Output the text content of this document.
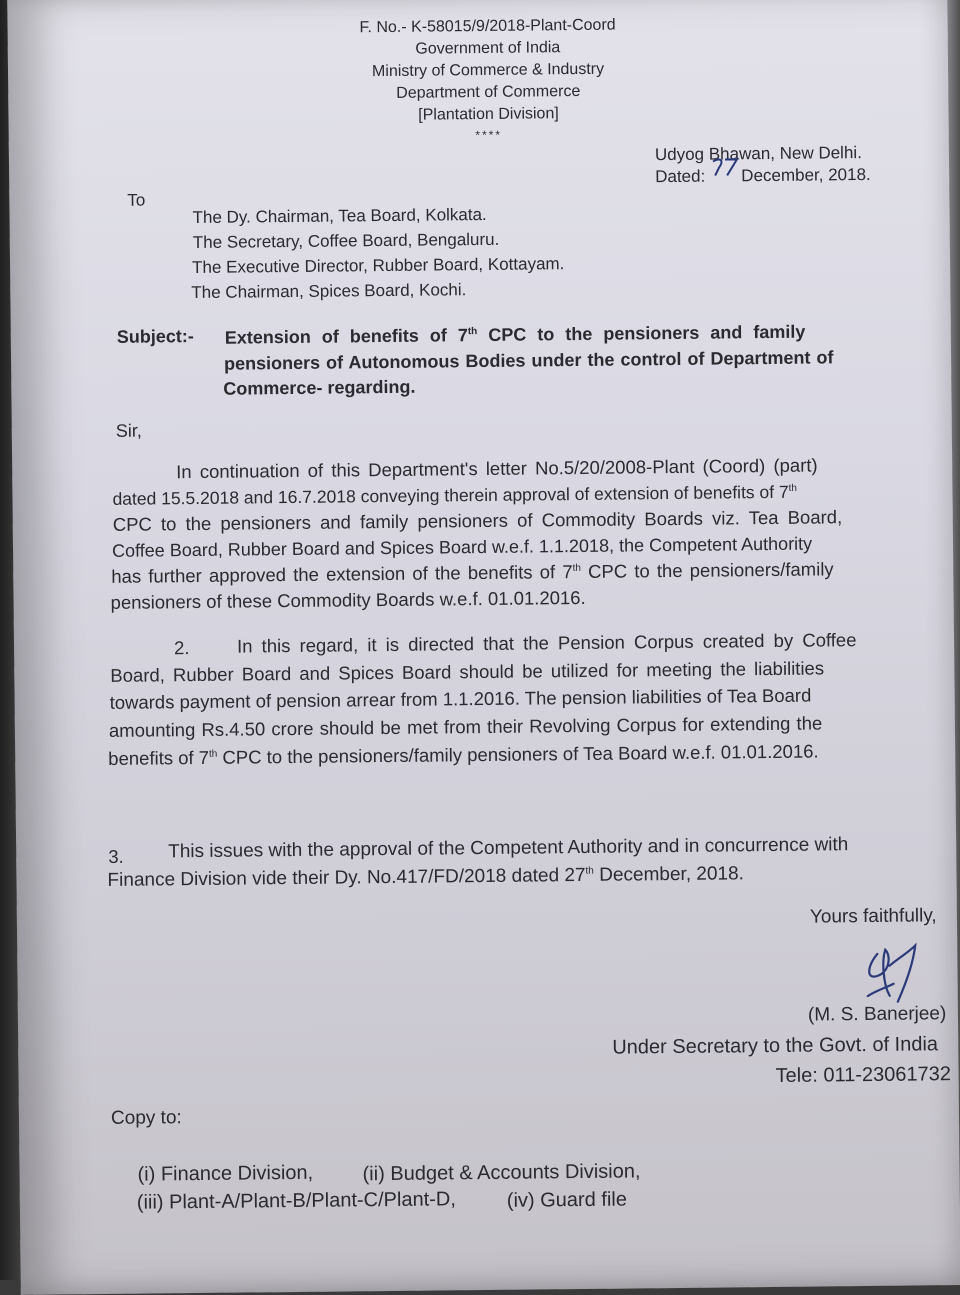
F. No.- K-58015/9/2018-Plant-Coord
Government of India
Ministry of Commerce & Industry
Department of Commerce
[Plantation Division]
****
Udyog Bhawan, New Delhi.
Dated: December, 2018.
To
The Dy. Chairman, Tea Board, Kolkata.
The Secretary, Coffee Board, Bengaluru.
The Executive Director, Rubber Board, Kottayam.
The Chairman, Spices Board, Kochi.
Subject:- Extension of benefits of 7th CPC to the pensioners and family
pensioners of Autonomous Bodies under the control of Department of
Commerce- regarding.
Sir,
In continuation of this Department's letter No.5/20/2008-Plant (Coord) (part)
dated 15.5.2018 and 16.7.2018 conveying therein approval of extension of benefits of 7th
CPC to the pensioners and family pensioners of Commodity Boards viz. Tea Board,
Coffee Board, Rubber Board and Spices Board w.e.f. 1.1.2018, the Competent Authority
has further approved the extension of the benefits of 7th CPC to the pensioners/family
pensioners of these Commodity Boards w.e.f. 01.01.2016.
2.	In this regard, it is directed that the Pension Corpus created by Coffee
Board, Rubber Board and Spices Board should be utilized for meeting the liabilities
towards payment of pension arrear from 1.1.2016. The pension liabilities of Tea Board
amounting Rs.4.50 crore should be met from their Revolving Corpus for extending the
benefits of 7th CPC to the pensioners/family pensioners of Tea Board w.e.f. 01.01.2016.
3. This issues with the approval of the Competent Authority and in concurrence with
Finance Division vide their Dy. No.417/FD/2018 dated 27th December, 2018.
Yours faithfully,
(M. S. Banerjee)
Under Secretary to the Govt. of India
Tele: 011-23061732
Copy to:
(i) Finance Division, (ii) Budget & Accounts Division,
(iii) Plant-A/Plant-B/Plant-C/Plant-D,	(iv) Guard file
